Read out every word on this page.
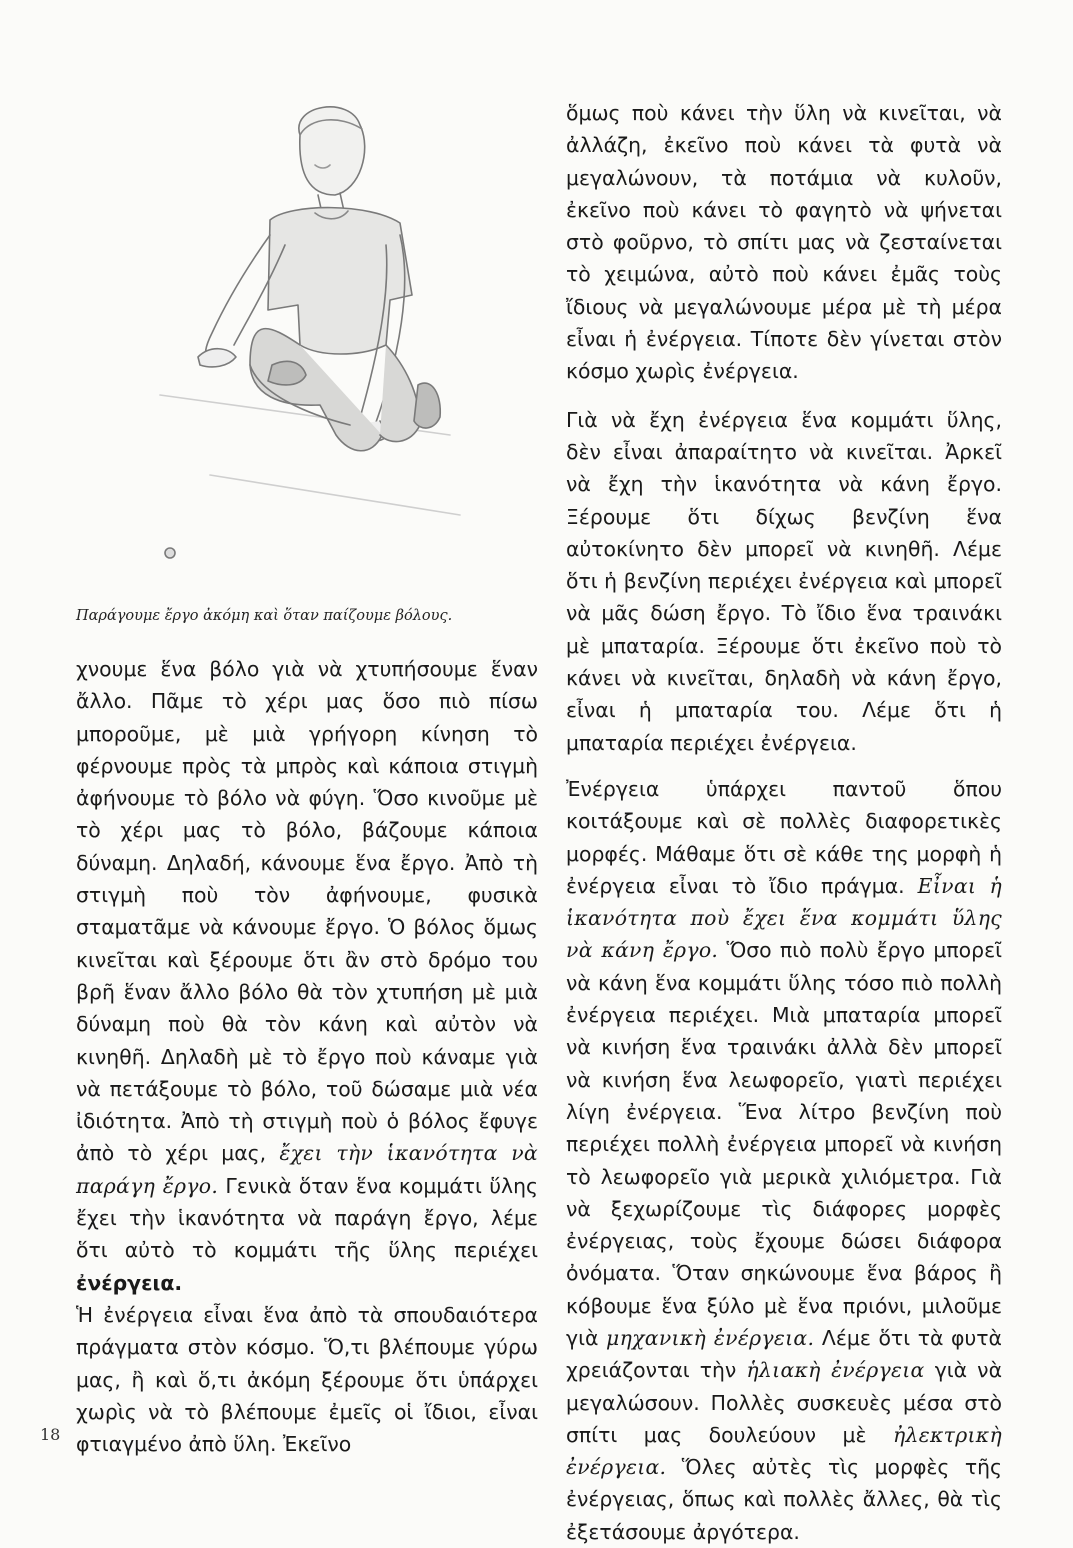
Παράγουμε ἔργο ἀκόμη καὶ ὅταν παίζουμε βόλους.

χνουμε ἕνα βόλο γιὰ νὰ χτυπήσουμε ἕναν ἄλλο. Πᾶμε τὸ χέρι μας ὅσο πιὸ πίσω μποροῦμε, μὲ μιὰ γρήγορη κίνηση τὸ φέρνουμε πρὸς τὰ μπρὸς καὶ κάποια στιγμὴ ἀφήνουμε τὸ βόλο νὰ φύγη. Ὅσο κινοῦμε μὲ τὸ χέρι μας τὸ βόλο, βάζουμε κάποια δύναμη. Δηλαδή, κάνουμε ἕνα ἔργο. Ἀπὸ τὴ στιγμὴ ποὺ τὸν ἀφήνουμε, φυσικὰ σταματᾶμε νὰ κάνουμε ἔργο. Ὁ βόλος ὅμως κινεῖται καὶ ξέρουμε ὅτι ἂν στὸ δρόμο του βρῆ ἕναν ἄλλο βόλο θὰ τὸν χτυπήση μὲ μιὰ δύναμη ποὺ θὰ τὸν κάνη καὶ αὐτὸν νὰ κινηθῆ. Δηλαδὴ μὲ τὸ ἔργο ποὺ κάναμε γιὰ νὰ πετάξουμε τὸ βόλο, τοῦ δώσαμε μιὰ νέα ἰδιότητα. Ἀπὸ τὴ στιγμὴ ποὺ ὁ βόλος ἔφυγε ἀπὸ τὸ χέρι μας, ἔχει τὴν ἱκανότητα νὰ παράγη ἔργο. Γενικὰ ὅταν ἕνα κομμάτι ὕλης ἔχει τὴν ἱκανότητα νὰ παράγη ἔργο, λέμε ὅτι αὐτὸ τὸ κομμάτι τῆς ὕλης περιέχει ἐνέργεια.

Ἡ ἐνέργεια εἶναι ἕνα ἀπὸ τὰ σπουδαιότερα πράγματα στὸν κόσμο. Ὅ,τι βλέπουμε γύρω μας, ἢ καὶ ὅ,τι ἀκόμη ξέρουμε ὅτι ὑπάρχει χωρὶς νὰ τὸ βλέπουμε ἐμεῖς οἱ ἴδιοι, εἶναι φτιαγμένο ἀπὸ ὕλη. Ἐκεῖνο

ὅμως ποὺ κάνει τὴν ὕλη νὰ κινεῖται, νὰ ἀλλάζη, ἐκεῖνο ποὺ κάνει τὰ φυτὰ νὰ μεγαλώνουν, τὰ ποτάμια νὰ κυλοῦν, ἐκεῖνο ποὺ κάνει τὸ φαγητὸ νὰ ψήνεται στὸ φοῦρνο, τὸ σπίτι μας νὰ ζεσταίνεται τὸ χειμώνα, αὐτὸ ποὺ κάνει ἐμᾶς τοὺς ἴδιους νὰ μεγαλώνουμε μέρα μὲ τὴ μέρα εἶναι ἡ ἐνέργεια. Τίποτε δὲν γίνεται στὸν κόσμο χωρὶς ἐνέργεια.

Γιὰ νὰ ἔχη ἐνέργεια ἕνα κομμάτι ὕλης, δὲν εἶναι ἀπαραίτητο νὰ κινεῖται. Ἀρκεῖ νὰ ἔχη τὴν ἱκανότητα νὰ κάνη ἔργο. Ξέρουμε ὅτι δίχως βενζίνη ἕνα αὐτοκίνητο δὲν μπορεῖ νὰ κινηθῆ. Λέμε ὅτι ἡ βενζίνη περιέχει ἐνέργεια καὶ μπορεῖ νὰ μᾶς δώση ἔργο. Τὸ ἴδιο ἕνα τραινάκι μὲ μπαταρία. Ξέρουμε ὅτι ἐκεῖνο ποὺ τὸ κάνει νὰ κινεῖται, δηλαδὴ νὰ κάνη ἔργο, εἶναι ἡ μπαταρία του. Λέμε ὅτι ἡ μπαταρία περιέχει ἐνέργεια.

Ἐνέργεια ὑπάρχει παντοῦ ὅπου κοιτάξουμε καὶ σὲ πολλὲς διαφορετικὲς μορφές. Μάθαμε ὅτι σὲ κάθε της μορφὴ ἡ ἐνέργεια εἶναι τὸ ἴδιο πράγμα. Εἶναι ἡ ἱκανότητα ποὺ ἔχει ἕνα κομμάτι ὕλης νὰ κάνη ἔργο. Ὅσο πιὸ πολὺ ἔργο μπορεῖ νὰ κάνη ἕνα κομμάτι ὕλης τόσο πιὸ πολλὴ ἐνέργεια περιέχει. Μιὰ μπαταρία μπορεῖ νὰ κινήση ἕνα τραινάκι ἀλλὰ δὲν μπορεῖ νὰ κινήση ἕνα λεωφορεῖο, γιατὶ περιέχει λίγη ἐνέργεια. Ἕνα λίτρο βενζίνη ποὺ περιέχει πολλὴ ἐνέργεια μπορεῖ νὰ κινήση τὸ λεωφορεῖο γιὰ μερικὰ χιλιόμετρα. Γιὰ νὰ ξεχωρίζουμε τὶς διάφορες μορφὲς ἐνέργειας, τοὺς ἔχουμε δώσει διάφορα ὀνόματα. Ὅταν σηκώνουμε ἕνα βάρος ἢ κόβουμε ἕνα ξύλο μὲ ἕνα πριόνι, μιλοῦμε γιὰ μηχανικὴ ἐνέργεια. Λέμε ὅτι τὰ φυτὰ χρειάζονται τὴν ἡλιακὴ ἐνέργεια γιὰ νὰ μεγαλώσουν. Πολλὲς συσκευὲς μέσα στὸ σπίτι μας δουλεύουν μὲ ἠλεκτρικὴ ἐνέργεια. Ὅλες αὐτὲς τὶς μορφὲς τῆς ἐνέργειας, ὅπως καὶ πολλὲς ἄλλες, θὰ τὶς ἐξετάσουμε ἀργότερα.

18
